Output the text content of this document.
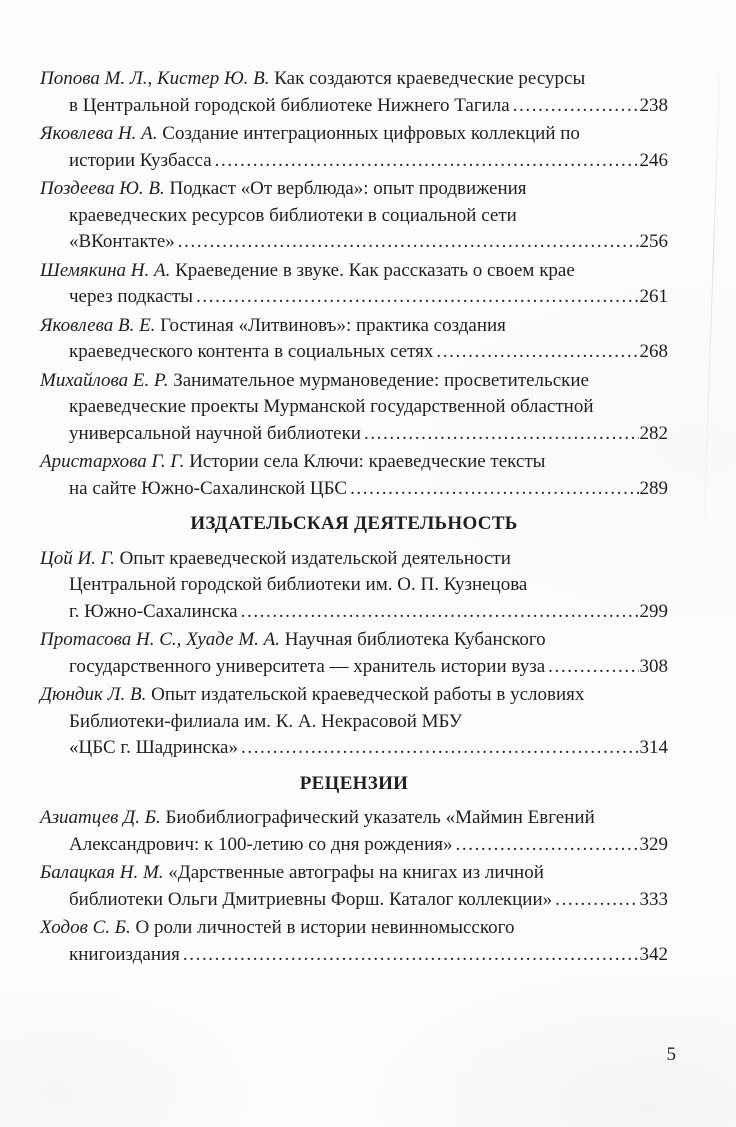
Попова М. Л., Кистер Ю. В. Как создаются краеведческие ресурсы
в Центральной городской библиотеке Нижнего Тагила .....	238
Яковлева Н. А. Создание интеграционных цифровых коллекций по
истории Кузбасса .....	246
Поздеева Ю. В. Подкаст «От верблюда»: опыт продвижения
краеведческих ресурсов библиотеки в социальной сети
«ВКонтакте» .....	256
Шемякина Н. А. Краеведение в звуке. Как рассказать о своем крае
через подкасты .....	261
Яковлева В. Е. Гостиная «Литвиновъ»: практика создания
краеведческого контента в социальных сетях .....	268
Михайлова Е. Р. Занимательное мурмановедение: просветительские
краеведческие проекты Мурманской государственной областной
универсальной научной библиотеки .....	282
Аристархова Г. Г. Истории села Ключи: краеведческие тексты
на сайте Южно-Сахалинской ЦБС .....	289
ИЗДАТЕЛЬСКАЯ ДЕЯТЕЛЬНОСТЬ
Цой И. Г. Опыт краеведческой издательской деятельности
Центральной городской библиотеки им. О. П. Кузнецова
г. Южно-Сахалинска .....	299
Протасова Н. С., Хуаде М. А. Научная библиотека Кубанского
государственного университета — хранитель истории вуза .....	308
Дюндик Л. В. Опыт издательской краеведческой работы в условиях
Библиотеки-филиала им. К. А. Некрасовой МБУ
«ЦБС г. Шадринска» .....	314
РЕЦЕНЗИИ
Азиатцев Д. Б. Биобиблиографический указатель «Маймин Евгений
Александрович: к 100-летию со дня рождения» .....	329
Балацкая Н. М. «Дарственные автографы на книгах из личной
библиотеки Ольги Дмитриевны Форш. Каталог коллекции» .....	333
Ходов С. Б. О роли личностей в истории невинномысского
книгоиздания .....	342
5
